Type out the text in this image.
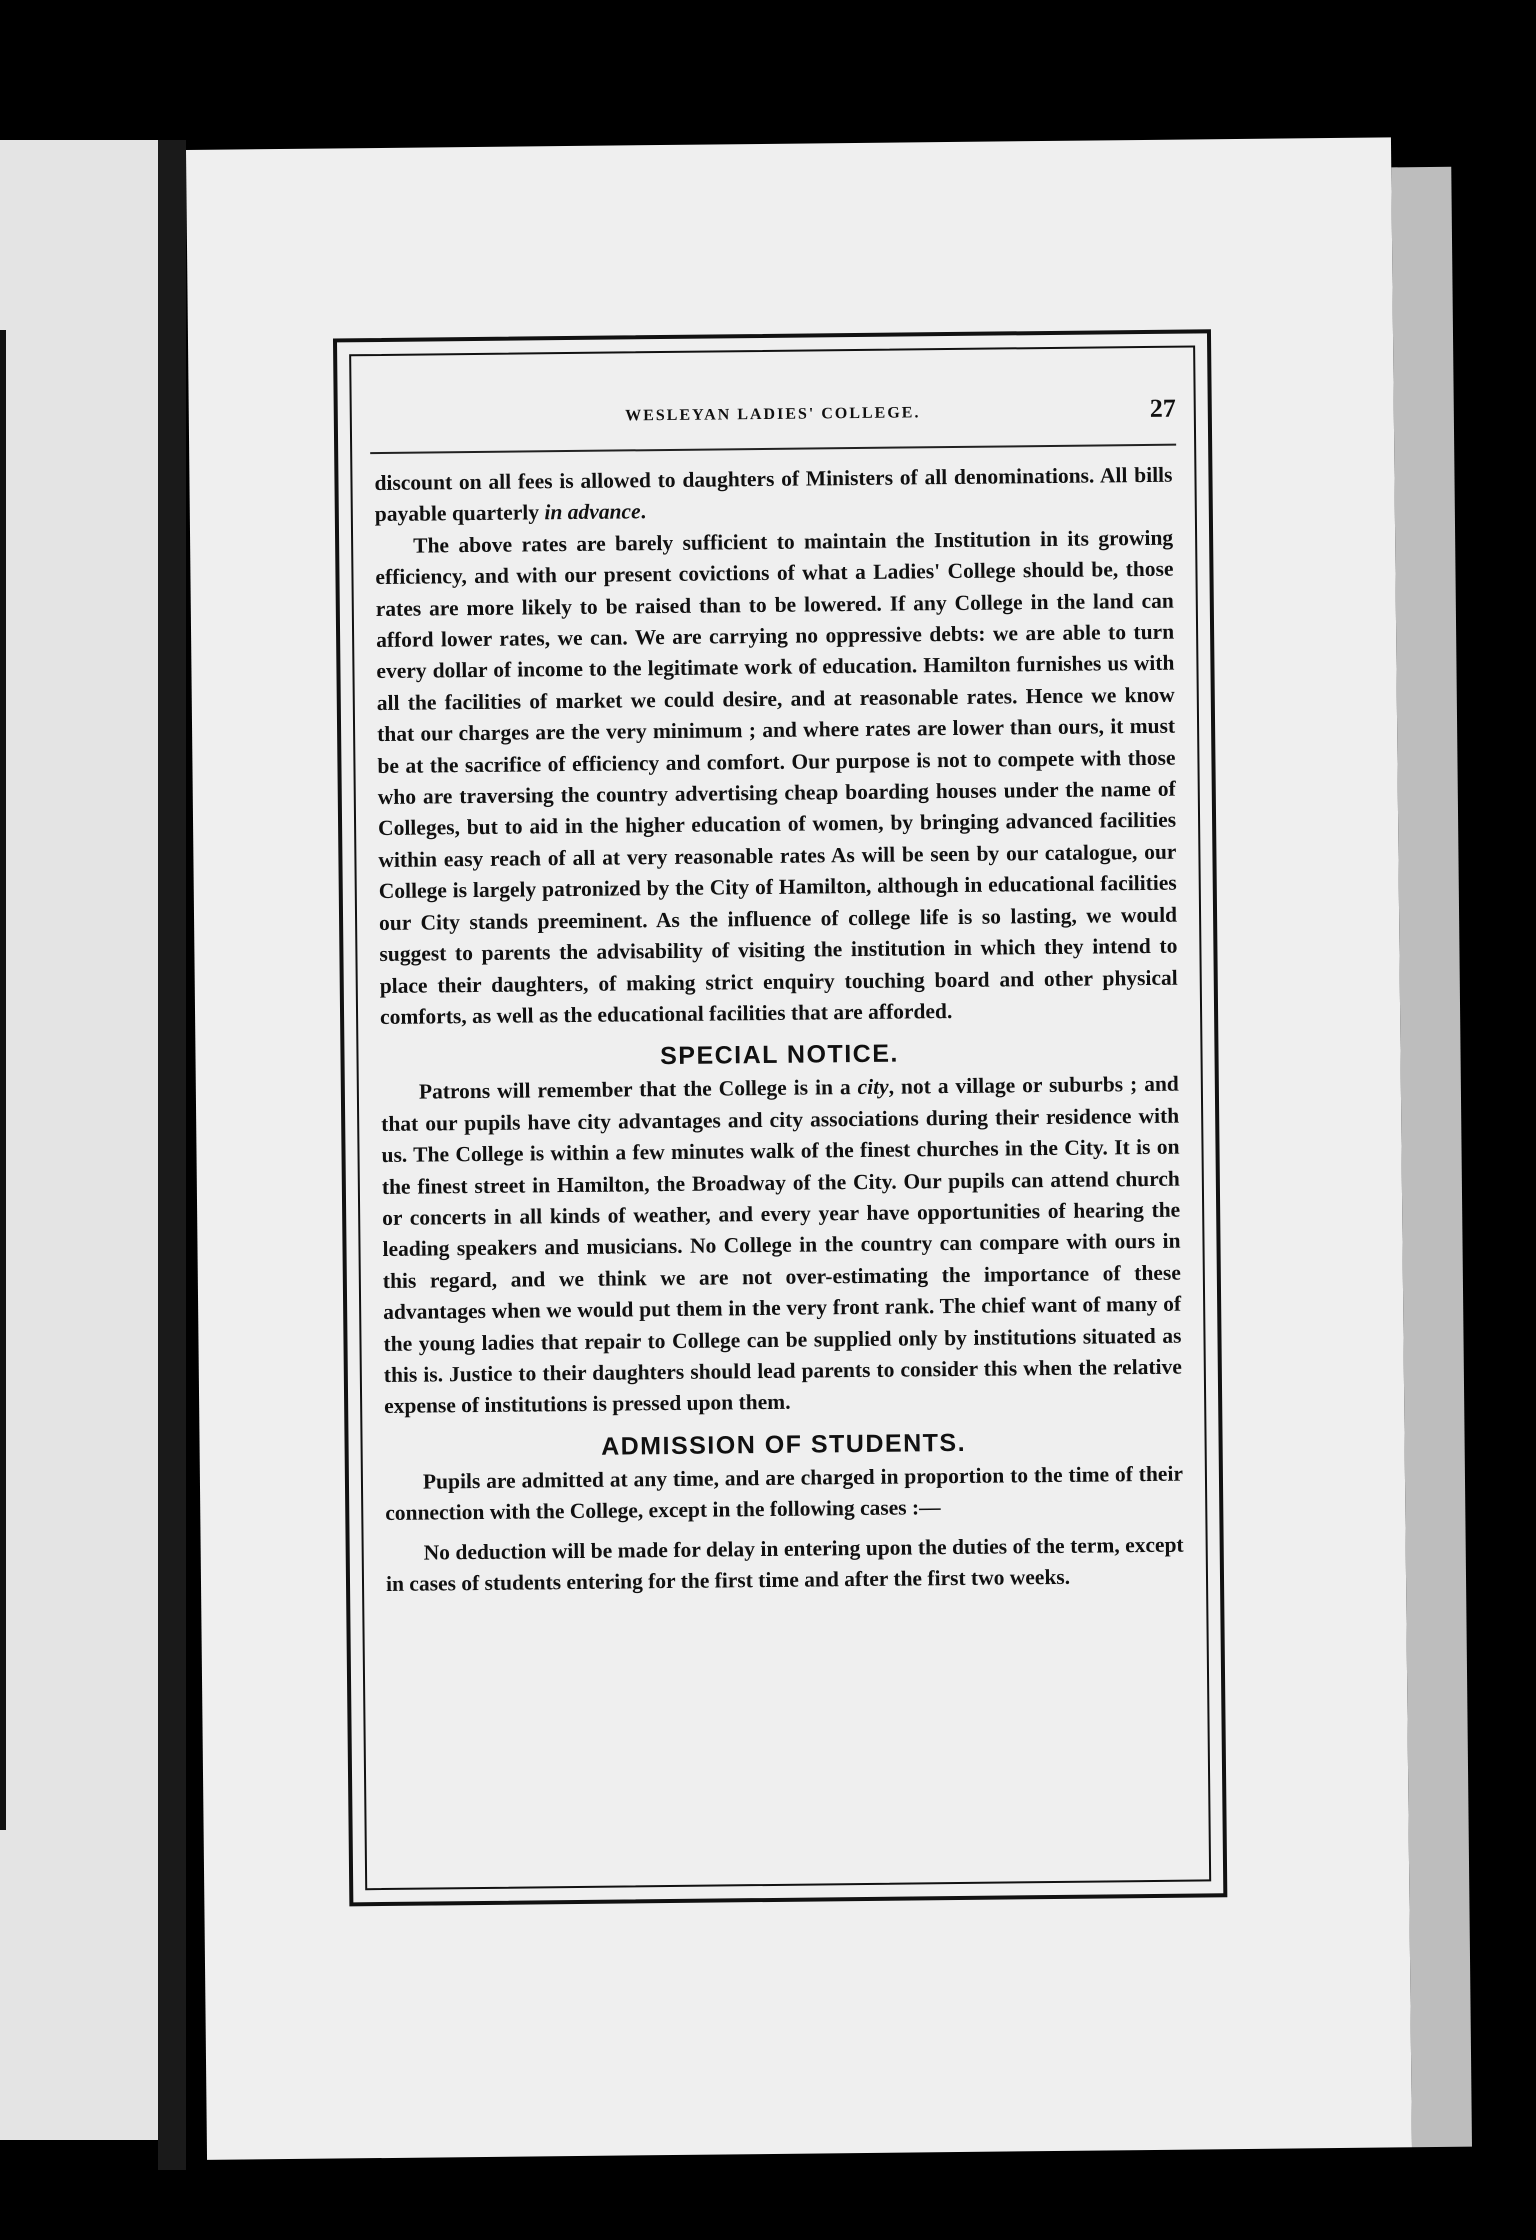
WESLEYAN LADIES' COLLEGE.	27

discount on all fees is allowed to daughters of Ministers of all denominations. All bills payable quarterly in advance.

The above rates are barely sufficient to maintain the Institution in its growing efficiency, and with our present covictions of what a Ladies' College should be, those rates are more likely to be raised than to be lowered. If any College in the land can afford lower rates, we can. We are carrying no oppressive debts: we are able to turn every dollar of income to the legitimate work of education. Hamilton furnishes us with all the facilities of market we could desire, and at reasonable rates. Hence we know that our charges are the very minimum ; and where rates are lower than ours, it must be at the sacrifice of efficiency and comfort. Our purpose is not to compete with those who are traversing the country advertising cheap boarding houses under the name of Colleges, but to aid in the higher education of women, by bringing advanced facilities within easy reach of all at very reasonable rates As will be seen by our catalogue, our College is largely patronized by the City of Hamilton, although in educational facilities our City stands preeminent. As the influence of college life is so lasting, we would suggest to parents the advisability of visiting the institution in which they intend to place their daughters, of making strict enquiry touching board and other physical comforts, as well as the educational facilities that are afforded.

SPECIAL NOTICE.

Patrons will remember that the College is in a city, not a village or suburbs ; and that our pupils have city advantages and city associations during their residence with us. The College is within a few minutes walk of the finest churches in the City. It is on the finest street in Hamilton, the Broadway of the City. Our pupils can attend church or concerts in all kinds of weather, and every year have opportunities of hearing the leading speakers and musicians. No College in the country can compare with ours in this regard, and we think we are not over-estimating the importance of these advantages when we would put them in the very front rank. The chief want of many of the young ladies that repair to College can be supplied only by institutions situated as this is. Justice to their daughters should lead parents to consider this when the relative expense of institutions is pressed upon them.

ADMISSION OF STUDENTS.

Pupils are admitted at any time, and are charged in proportion to the time of their connection with the College, except in the following cases :—

No deduction will be made for delay in entering upon the duties of the term, except in cases of students entering for the first time and after the first two weeks.
